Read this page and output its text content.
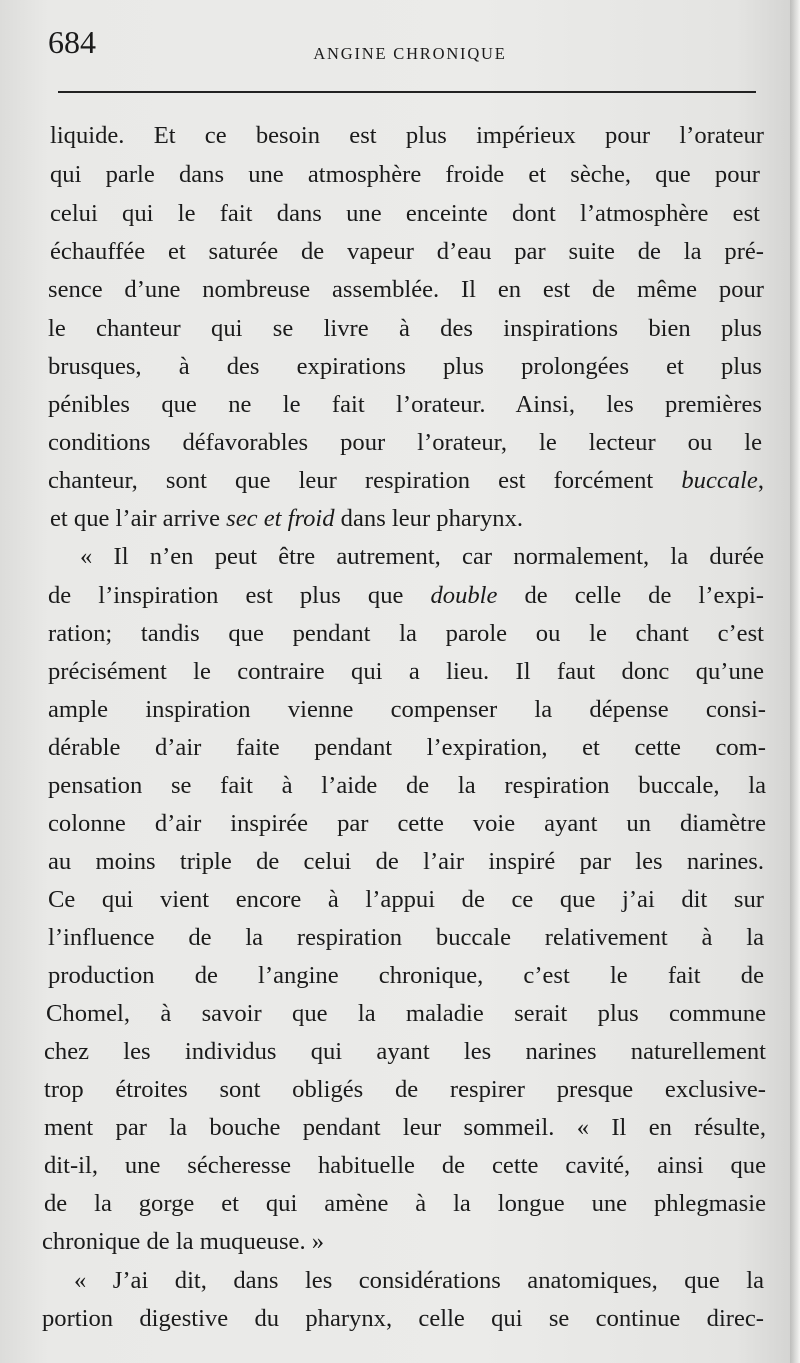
684	ANGINE CHRONIQUE
liquide. Et ce besoin est plus impérieux pour l’orateur
qui parle dans une atmosphère froide et sèche, que pour
celui qui le fait dans une enceinte dont l’atmosphère est
échauffée et saturée de vapeur d’eau par suite de la pré-
sence d’une nombreuse assemblée. Il en est de même pour
le chanteur qui se livre à des inspirations bien plus
brusques, à des expirations plus prolongées et plus
pénibles que ne le fait l’orateur. Ainsi, les premières
conditions défavorables pour l’orateur, le lecteur ou le
chanteur, sont que leur respiration est forcément buccale,
et que l’air arrive sec et froid dans leur pharynx.
« Il n’en peut être autrement, car normalement, la durée
de l’inspiration est plus que double de celle de l’expi-
ration; tandis que pendant la parole ou le chant c’est
précisément le contraire qui a lieu. Il faut donc qu’une
ample inspiration vienne compenser la dépense consi-
dérable d’air faite pendant l’expiration, et cette com-
pensation se fait à l’aide de la respiration buccale, la
colonne d’air inspirée par cette voie ayant un diamètre
au moins triple de celui de l’air inspiré par les narines.
Ce qui vient encore à l’appui de ce que j’ai dit sur
l’influence de la respiration buccale relativement à la
production de l’angine chronique, c’est le fait de
Chomel, à savoir que la maladie serait plus commune
chez les individus qui ayant les narines naturellement
trop étroites sont obligés de respirer presque exclusive-
ment par la bouche pendant leur sommeil. « Il en résulte,
dit-il, une sécheresse habituelle de cette cavité, ainsi que
de la gorge et qui amène à la longue une phlegmasie
chronique de la muqueuse. »
« J’ai dit, dans les considérations anatomiques, que la
portion digestive du pharynx, celle qui se continue direc-
